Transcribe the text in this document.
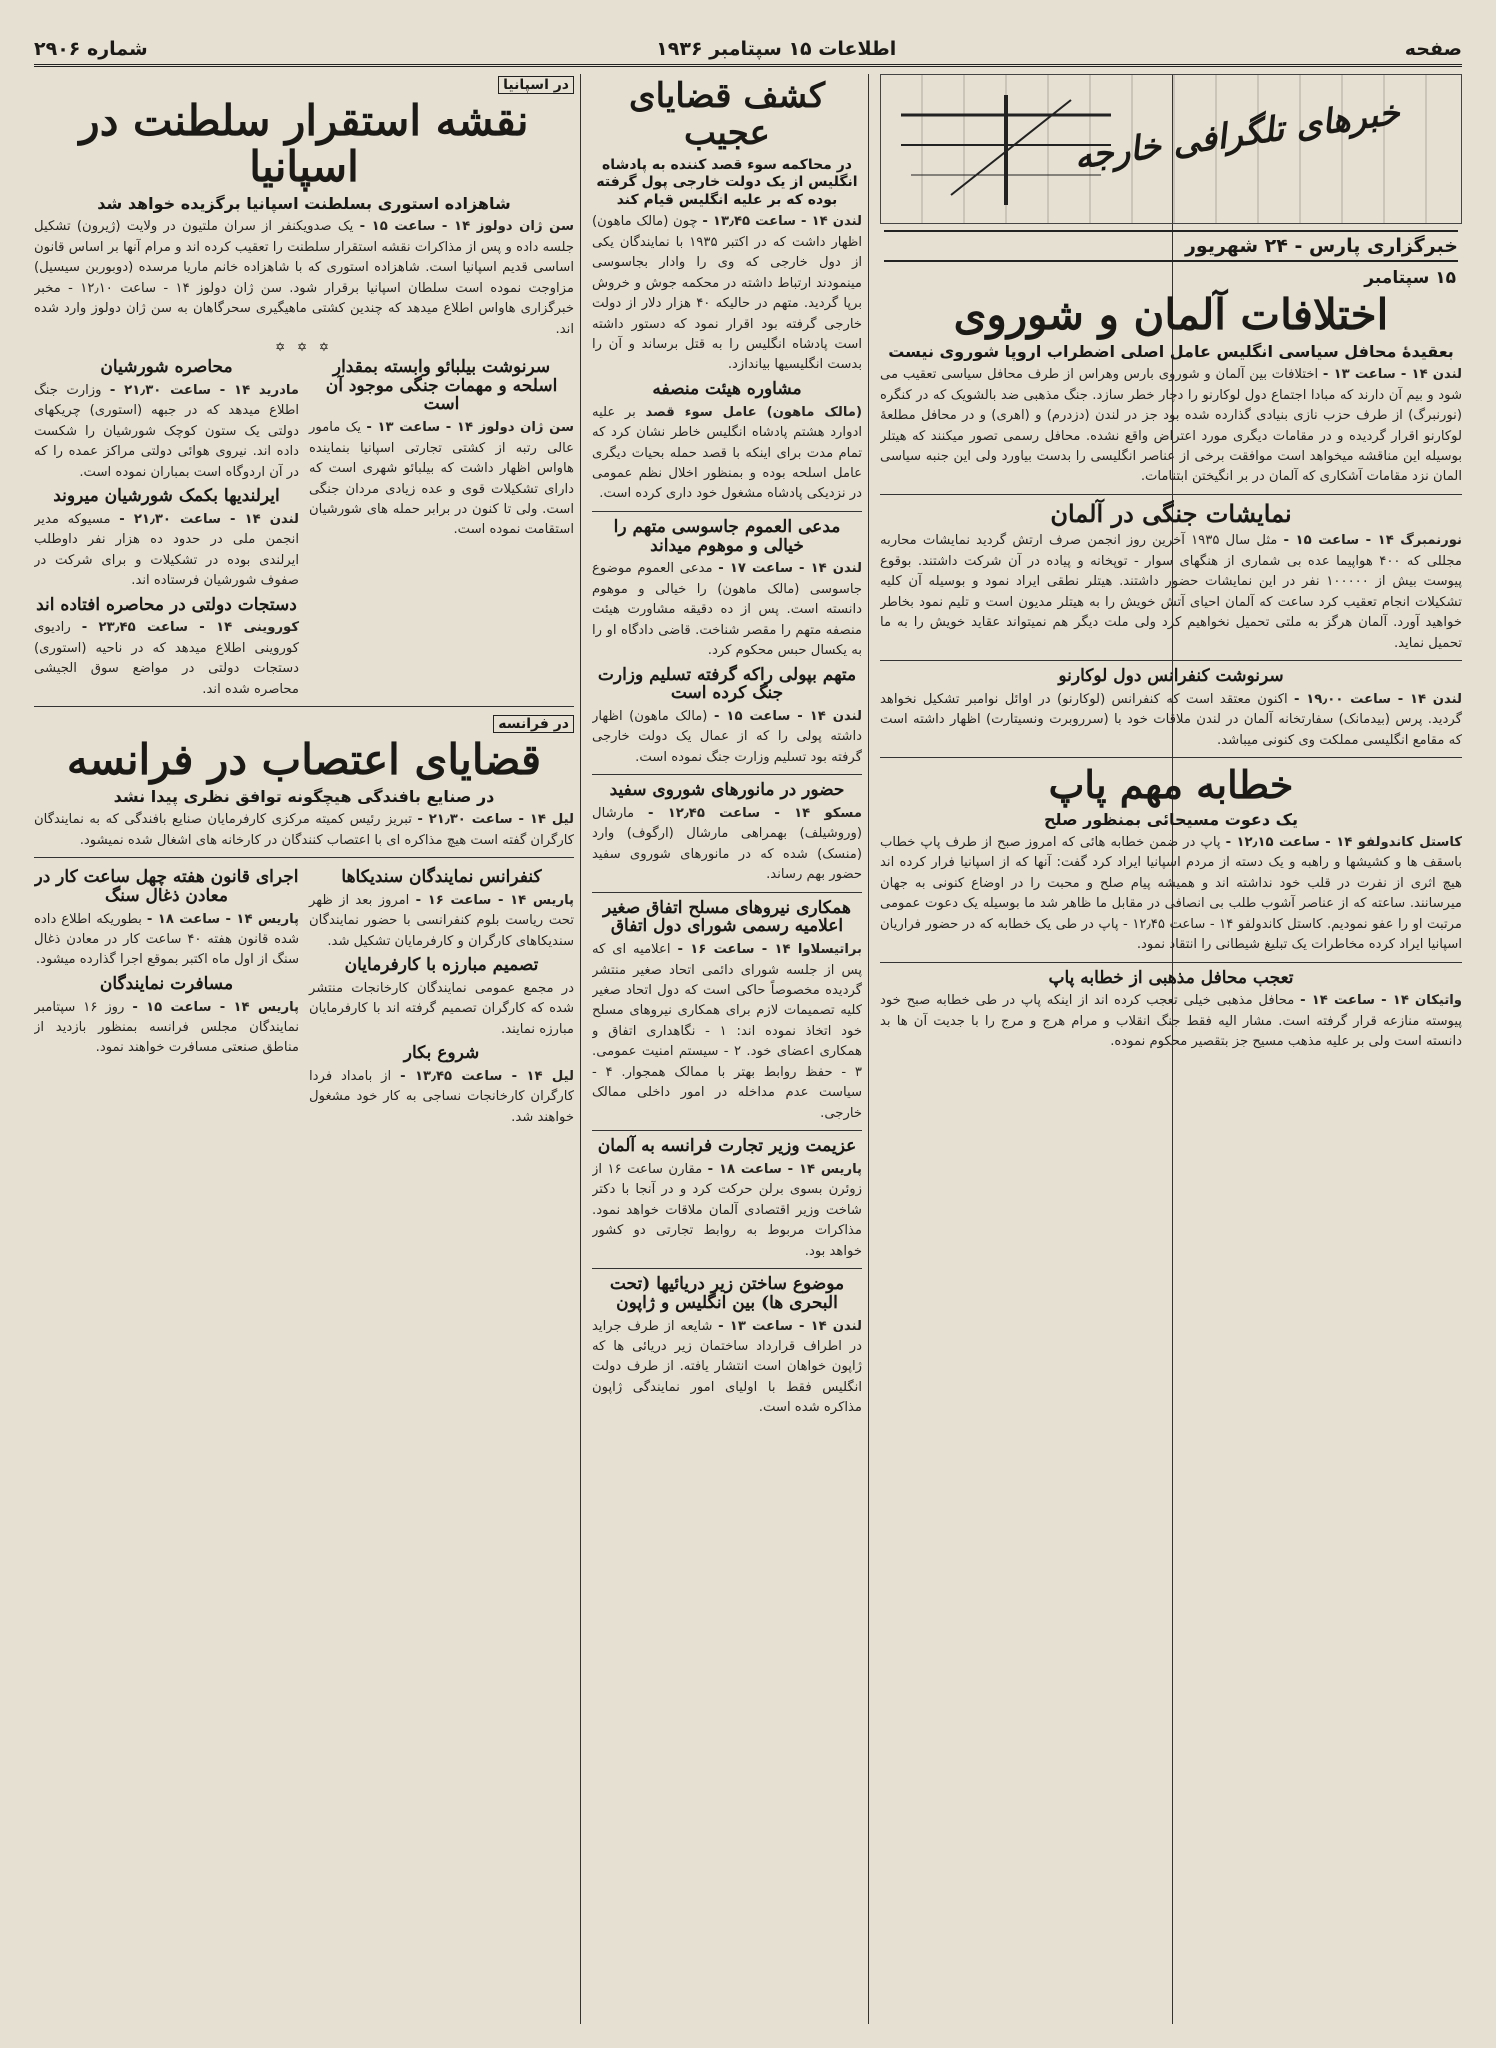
صفحه
اطلاعات ۱۵ سپتامبر ۱۹۳۶
شماره ۲۹۰۶
خبرهای تلگرافی خارجه
خبرگزاری پارس - ۲۴ شهریور
۱۵ سپتامبر
اختلافات آلمان و شوروی
بعقیدهٔ محافل سیاسی انگلیس عامل اصلی اضطراب اروپا شوروی نیست
لندن ۱۴ - ساعت ۱۳ - اختلافات بین آلمان و شوروی بارس وهراس از طرف محافل سیاسی تعقیب می شود و بیم آن دارند که مبادا اجتماع دول لوکارنو را دچار خطر سازد. جنگ مذهبی ضد بالشویک که در کنگره (نورنبرگ) از طرف حزب نازی بنیادی گذارده شده بود جز در لندن (دزدرم) و (اهری) و در محافل مطلعهٔ لوکارنو اقرار گردیده و در مقامات دیگری مورد اعتراض واقع نشده. محافل رسمی تصور میکنند که هیتلر بوسیله این مناقشه میخواهد است موافقت برخی از عناصر انگلیسی را بدست بیاورد ولی این جنبه سیاسی المان نزد مقامات آشکاری که آلمان در بر انگیختن ابتنامات.
نمایشات جنگی در آلمان
نورنمبرگ ۱۴ - ساعت ۱۵ - مثل سال ۱۹۳۵ آخرین روز انجمن صرف ارتش گردید نمایشات محاربه مجللی که ۴۰۰ هواپیما عده بی شماری از هنگهای سوار - توپخانه و پیاده در آن شرکت داشتند. بوقوع پیوست بیش از ۱۰۰۰۰۰ نفر در این نمایشات حضور داشتند. هیتلر نطقی ایراد نمود و بوسیله آن کلیه تشکیلات انجام تعقیب کرد ساعت که آلمان احیای آتش خویش را به هیتلر مدیون است و تلیم نمود بخاطر خواهید آورد. آلمان هرگز به ملتی تحمیل نخواهیم کرد ولی ملت دیگر هم نمیتواند عقاید خویش را به ما تحمیل نماید.
سرنوشت کنفرانس دول لوکارنو
لندن ۱۴ - ساعت ۱۹٫۰۰ - اکنون معتقد است که کنفرانس (لوکارنو) در اوائل نوامبر تشکیل نخواهد گردید. پرس (بیدمانک) سفارتخانه آلمان در لندن ملاقات خود با (سرروبرت ونسیتارت) اظهار داشته است که مقامع انگلیسی مملکت وی کنونی میباشد.
خطابه مهم پاپ
یک دعوت مسیحائی بمنظور صلح
کاستل کاندولفو ۱۴ - ساعت ۱۲٫۱۵ - پاپ در ضمن خطابه هائی که امروز صبح از طرف پاپ خطاب باسقف ها و کشیشها و راهبه و یک دسته از مردم اسپانیا ایراد کرد گفت: آنها که از اسپانیا فرار کرده اند هیچ اثری از نفرت در قلب خود نداشته اند و همیشه پیام صلح و محبت را در اوضاع کنونی به جهان میرسانند. ساعته که از عناصر آشوب طلب بی انصافی در مقابل ما ظاهر شد ما بوسیله یک دعوت عمومی مرتبت او را عفو نمودیم. کاستل کاندولفو ۱۴ - ساعت ۱۲٫۴۵ - پاپ در طی یک خطابه که در حضور فراریان اسپانیا ایراد کرده مخاطرات یک تبلیغ شیطانی را انتقاد نمود.
تعجب محافل مذهبی از خطابه پاپ
واتیکان ۱۴ - ساعت ۱۴ - محافل مذهبی خیلی تعجب کرده اند از اینکه پاپ در طی خطابه صبح خود پیوسته منازعه قرار گرفته است. مشار الیه فقط جنگ انقلاب و مرام هرج و مرج را با جدیت آن ها بد دانسته است ولی بر علیه مذهب مسیح جز بتقصیر محکوم نموده.
کشف قضایای عجیب
در محاکمه سوء قصد کننده به پادشاه انگلیس از یک دولت خارجی پول گرفته بوده که بر علیه انگلیس قیام کند
لندن ۱۴ - ساعت ۱۳٫۴۵ - چون (مالک ماهون) اظهار داشت که در اکتبر ۱۹۳۵ با نمایندگان یکی از دول خارجی که وی را وادار بجاسوسی مینمودند ارتباط داشته در محکمه جوش و خروش برپا گردید. متهم در حالیکه ۴۰ هزار دلار از دولت خارجی گرفته بود اقرار نمود که دستور داشته است پادشاه انگلیس را به قتل برساند و آن را بدست انگلیسیها بیاندازد.
مشاوره هیئت منصفه
(مالک ماهون) عامل سوء قصد بر علیه ادوارد هشتم پادشاه انگلیس خاطر نشان کرد که تمام مدت برای اینکه با قصد حمله بحیات دیگری عامل اسلحه بوده و بمنظور اخلال نظم عمومی در نزدیکی پادشاه مشغول خود داری کرده است.
مدعی العموم جاسوسی متهم را خیالی و موهوم میداند
لندن ۱۴ - ساعت ۱۷ - مدعی العموم موضوع جاسوسی (مالک ماهون) را خیالی و موهوم دانسته است. پس از ده دقیقه مشاورت هیئت منصفه متهم را مقصر شناخت. قاضی دادگاه او را به یکسال حبس محکوم کرد.
متهم بپولی راکه گرفته تسلیم وزارت جنگ کرده است
لندن ۱۴ - ساعت ۱۵ - (مالک ماهون) اظهار داشته پولی را که از عمال یک دولت خارجی گرفته بود تسلیم وزارت جنگ نموده است.
حضور در مانورهای شوروی سفید
مسکو ۱۴ - ساعت ۱۲٫۴۵ - مارشال (وروشیلف) بهمراهی مارشال (ارگوف) وارد (منسک) شده که در مانورهای شوروی سفید حضور بهم رساند.
همکاری نیروهای مسلح اتفاق صغیر اعلامیه رسمی شورای دول اتفاق
براتیسلاوا ۱۴ - ساعت ۱۶ - اعلامیه ای که پس از جلسه شورای دائمی اتحاد صغیر منتشر گردیده مخصوصاً حاکی است که دول اتحاد صغیر کلیه تصمیمات لازم برای همکاری نیروهای مسلح خود اتخاذ نموده اند: ۱ - نگاهداری اتفاق و همکاری اعضای خود. ۲ - سیستم امنیت عمومی. ۳ - حفظ روابط بهتر با ممالک همجوار. ۴ - سیاست عدم مداخله در امور داخلی ممالک خارجی.
عزیمت وزیر تجارت فرانسه به آلمان
پاریس ۱۴ - ساعت ۱۸ - مقارن ساعت ۱۶ از زوئرن بسوی برلن حرکت کرد و در آنجا با دکتر شاخت وزیر اقتصادی آلمان ملاقات خواهد نمود. مذاکرات مربوط به روابط تجارتی دو کشور خواهد بود.
موضوع ساختن زیر دریائیها (تحت البحری ها) بین انگلیس و ژاپون
لندن ۱۴ - ساعت ۱۳ - شایعه از طرف جراید در اطراف قرارداد ساختمان زیر دریائی ها که ژاپون خواهان است انتشار یافته. از طرف دولت انگلیس فقط با اولیای امور نمایندگی ژاپون مذاکره شده است.
در اسپانیا
نقشه استقرار سلطنت در اسپانیا
شاهزاده استوری بسلطنت اسپانیا برگزیده خواهد شد
سن ژان دولوز ۱۴ - ساعت ۱۵ - یک صدویکنفر از سران ملتیون در ولایت (ژیرون) تشکیل جلسه داده و پس از مذاکرات نقشه استقرار سلطنت را تعقیب کرده اند و مرام آنها بر اساس قانون اساسی قدیم اسپانیا است. شاهزاده استوری که با شاهزاده خانم ماریا مرسده (دوبوربن سیسیل) مزاوجت نموده است سلطان اسپانیا برقرار شود. سن ژان دولوز ۱۴ - ساعت ۱۲٫۱۰ - مخبر خبرگزاری هاواس اطلاع میدهد که چندین کشتی ماهیگیری سحرگاهان به سن ژان دولوز وارد شده اند.
✡ ✡ ✡
سرنوشت بیلبائو وابسته بمقدار اسلحه و مهمات جنگی موجود آن است
سن ژان دولوز ۱۴ - ساعت ۱۳ - یک مامور عالی رتبه از کشتی تجارتی اسپانیا بنماینده هاواس اظهار داشت که بیلبائو شهری است که دارای تشکیلات قوی و عده زیادی مردان جنگی است. ولی تا کنون در برابر حمله های شورشیان استقامت نموده است.
محاصره شورشیان
مادرید ۱۴ - ساعت ۲۱٫۳۰ - وزارت جنگ اطلاع میدهد که در جبهه (استوری) چریکهای دولتی یک ستون کوچک شورشیان را شکست داده اند. نیروی هوائی دولتی مراکز عمده را که در آن اردوگاه است بمباران نموده است.
ایرلندیها بکمک شورشیان میروند
لندن ۱۴ - ساعت ۲۱٫۳۰ - مسیوکه مدیر انجمن ملی در حدود ده هزار نفر داوطلب ایرلندی بوده در تشکیلات و برای شرکت در صفوف شورشیان فرستاده اند.
دستجات دولتی در محاصره افتاده اند
کوروینی ۱۴ - ساعت ۲۳٫۴۵ - رادیوی کوروینی اطلاع میدهد که در ناحیه (استوری) دستجات دولتی در مواضع سوق الجیشی محاصره شده اند.
در فرانسه
قضایای اعتصاب در فرانسه
در صنایع بافندگی هیچگونه توافق نظری پیدا نشد
لیل ۱۴ - ساعت ۲۱٫۳۰ - تبریز رئیس کمیته مرکزی کارفرمایان صنایع بافندگی که به نمایندگان کارگران گفته است هیچ مذاکره ای با اعتصاب کنندگان در کارخانه های اشغال شده نمیشود.
کنفرانس نمایندگان سندیکاها
پاریس ۱۴ - ساعت ۱۶ - امروز بعد از ظهر تحت ریاست بلوم کنفرانسی با حضور نمایندگان سندیکاهای کارگران و کارفرمایان تشکیل شد.
تصمیم مبارزه با کارفرمایان
در مجمع عمومی نمایندگان کارخانجات منتشر شده که کارگران تصمیم گرفته اند با کارفرمایان مبارزه نمایند.
شروع بکار
لیل ۱۴ - ساعت ۱۳٫۴۵ - از بامداد فردا کارگران کارخانجات نساجی به کار خود مشغول خواهند شد.
اجرای قانون هفته چهل ساعت کار در معادن ذغال سنگ
پاریس ۱۴ - ساعت ۱۸ - بطوریکه اطلاع داده شده قانون هفته ۴۰ ساعت کار در معادن ذغال سنگ از اول ماه اکتبر بموقع اجرا گذارده میشود.
مسافرت نمایندگان
پاریس ۱۴ - ساعت ۱۵ - روز ۱۶ سپتامبر نمایندگان مجلس فرانسه بمنظور بازدید از مناطق صنعتی مسافرت خواهند نمود.
